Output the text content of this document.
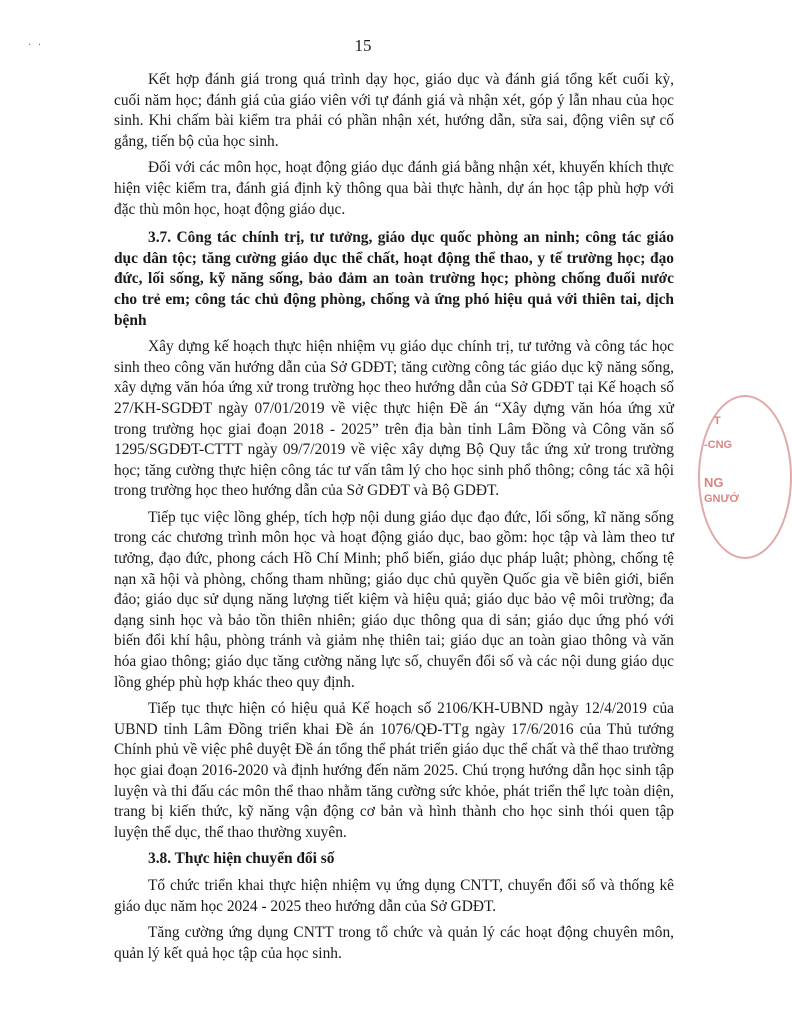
· ·	15

Kết hợp đánh giá trong quá trình dạy học, giáo dục và đánh giá tổng kết cuối kỳ, cuối năm học; đánh giá của giáo viên với tự đánh giá và nhận xét, góp ý lẫn nhau của học sinh. Khi chấm bài kiểm tra phải có phần nhận xét, hướng dẫn, sửa sai, động viên sự cố gắng, tiến bộ của học sinh.

Đối với các môn học, hoạt động giáo dục đánh giá bằng nhận xét, khuyến khích thực hiện việc kiểm tra, đánh giá định kỳ thông qua bài thực hành, dự án học tập phù hợp với đặc thù môn học, hoạt động giáo dục.

3.7. Công tác chính trị, tư tưởng, giáo dục quốc phòng an ninh; công tác giáo dục dân tộc; tăng cường giáo dục thể chất, hoạt động thể thao, y tế trường học; đạo đức, lối sống, kỹ năng sống, bảo đảm an toàn trường học; phòng chống đuối nước cho trẻ em; công tác chủ động phòng, chống và ứng phó hiệu quả với thiên tai, dịch bệnh

Xây dựng kế hoạch thực hiện nhiệm vụ giáo dục chính trị, tư tưởng và công tác học sinh theo công văn hướng dẫn của Sở GDĐT; tăng cường công tác giáo dục kỹ năng sống, xây dựng văn hóa ứng xử trong trường học theo hướng dẫn của Sở GDĐT tại Kế hoạch số 27/KH-SGDĐT ngày 07/01/2019 về việc thực hiện Đề án “Xây dựng văn hóa ứng xử trong trường học giai đoạn 2018 - 2025” trên địa bàn tỉnh Lâm Đồng và Công văn số 1295/SGDĐT-CTTT ngày 09/7/2019 về việc xây dựng Bộ Quy tắc ứng xử trong trường học; tăng cường thực hiện công tác tư vấn tâm lý cho học sinh phổ thông; công tác xã hội trong trường học theo hướng dẫn của Sở GDĐT và Bộ GDĐT.

Tiếp tục việc lồng ghép, tích hợp nội dung giáo dục đạo đức, lối sống, kĩ năng sống trong các chương trình môn học và hoạt động giáo dục, bao gồm: học tập và làm theo tư tưởng, đạo đức, phong cách Hồ Chí Minh; phổ biến, giáo dục pháp luật; phòng, chống tệ nạn xã hội và phòng, chống tham nhũng; giáo dục chủ quyền Quốc gia về biên giới, biển đảo; giáo dục sử dụng năng lượng tiết kiệm và hiệu quả; giáo dục bảo vệ môi trường; đa dạng sinh học và bảo tồn thiên nhiên; giáo dục thông qua di sản; giáo dục ứng phó với biến đổi khí hậu, phòng tránh và giảm nhẹ thiên tai; giáo dục an toàn giao thông và văn hóa giao thông; giáo dục tăng cường năng lực số, chuyển đổi số và các nội dung giáo dục lồng ghép phù hợp khác theo quy định.

Tiếp tục thực hiện có hiệu quả Kế hoạch số 2106/KH-UBND ngày 12/4/2019 của UBND tỉnh Lâm Đồng triển khai Đề án 1076/QĐ-TTg ngày 17/6/2016 của Thủ tướng Chính phủ về việc phê duyệt Đề án tổng thể phát triển giáo dục thể chất và thể thao trường học giai đoạn 2016-2020 và định hướng đến năm 2025. Chú trọng hướng dẫn học sinh tập luyện và thi đấu các môn thể thao nhằm tăng cường sức khỏe, phát triển thể lực toàn diện, trang bị kiến thức, kỹ năng vận động cơ bản và hình thành cho học sinh thói quen tập luyện thể dục, thể thao thường xuyên.

3.8. Thực hiện chuyển đổi số

Tổ chức triển khai thực hiện nhiệm vụ ứng dụng CNTT, chuyển đổi số và thống kê giáo dục năm học 2024 - 2025 theo hướng dẫn của Sở GDĐT.

Tăng cường ứng dụng CNTT trong tổ chức và quản lý các hoạt động chuyên môn, quản lý kết quả học tập của học sinh.

-CNG
NG
GNƯỚ
T
